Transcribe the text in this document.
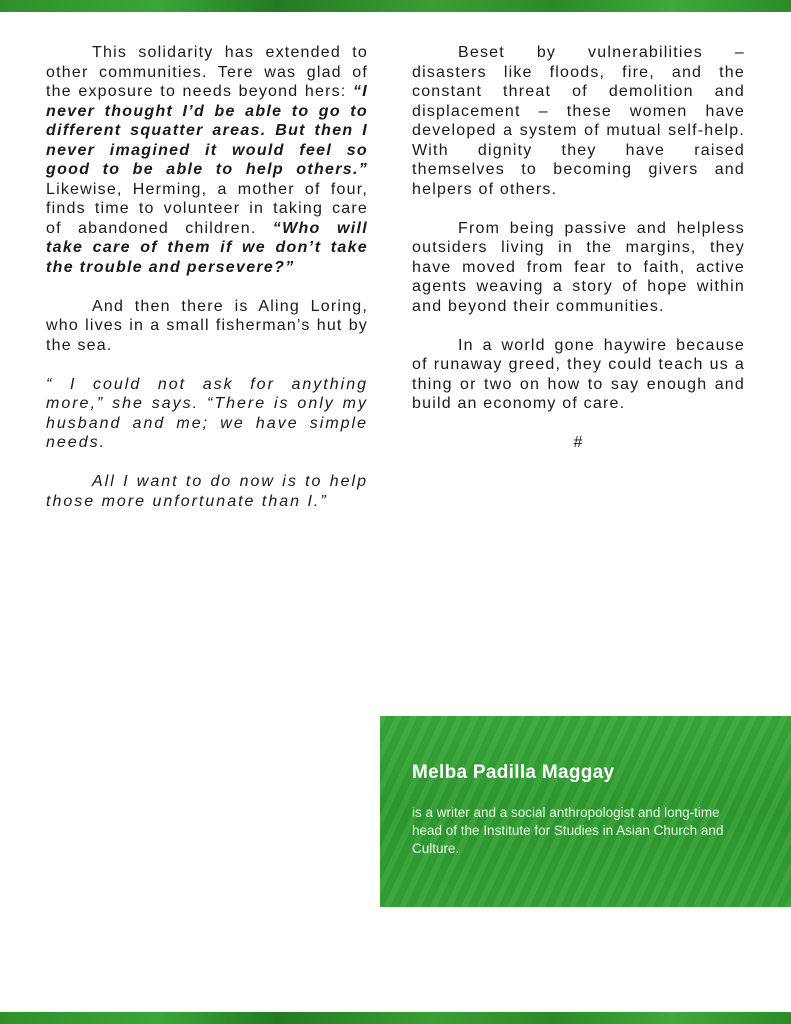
This solidarity has extended to other communities. Tere was glad of the exposure to needs beyond hers: “I never thought I’d be able to go to different squatter areas. But then I never imagined it would feel so good to be able to help others.” Likewise, Herming, a mother of four, finds time to volunteer in taking care of abandoned children. “Who will take care of them if we don’t take the trouble and persevere?”

And then there is Aling Loring, who lives in a small fisherman’s hut by the sea.

“ I could not ask for anything more,” she says. “There is only my husband and me; we have simple needs.

All I want to do now is to help those more unfortunate than I.”

Beset by vulnerabilities – disasters like floods, fire, and the constant threat of demolition and displacement – these women have developed a system of mutual self-help. With dignity they have raised themselves to becoming givers and helpers of others.

From being passive and helpless outsiders living in the margins, they have moved from fear to faith, active agents weaving a story of hope within and beyond their communities.

In a world gone haywire because of runaway greed, they could teach us a thing or two on how to say enough and build an economy of care.

#
Melba Padilla Maggay
is a writer and a social anthropologist and long-time head of the Institute for Studies in Asian Church and Culture.
